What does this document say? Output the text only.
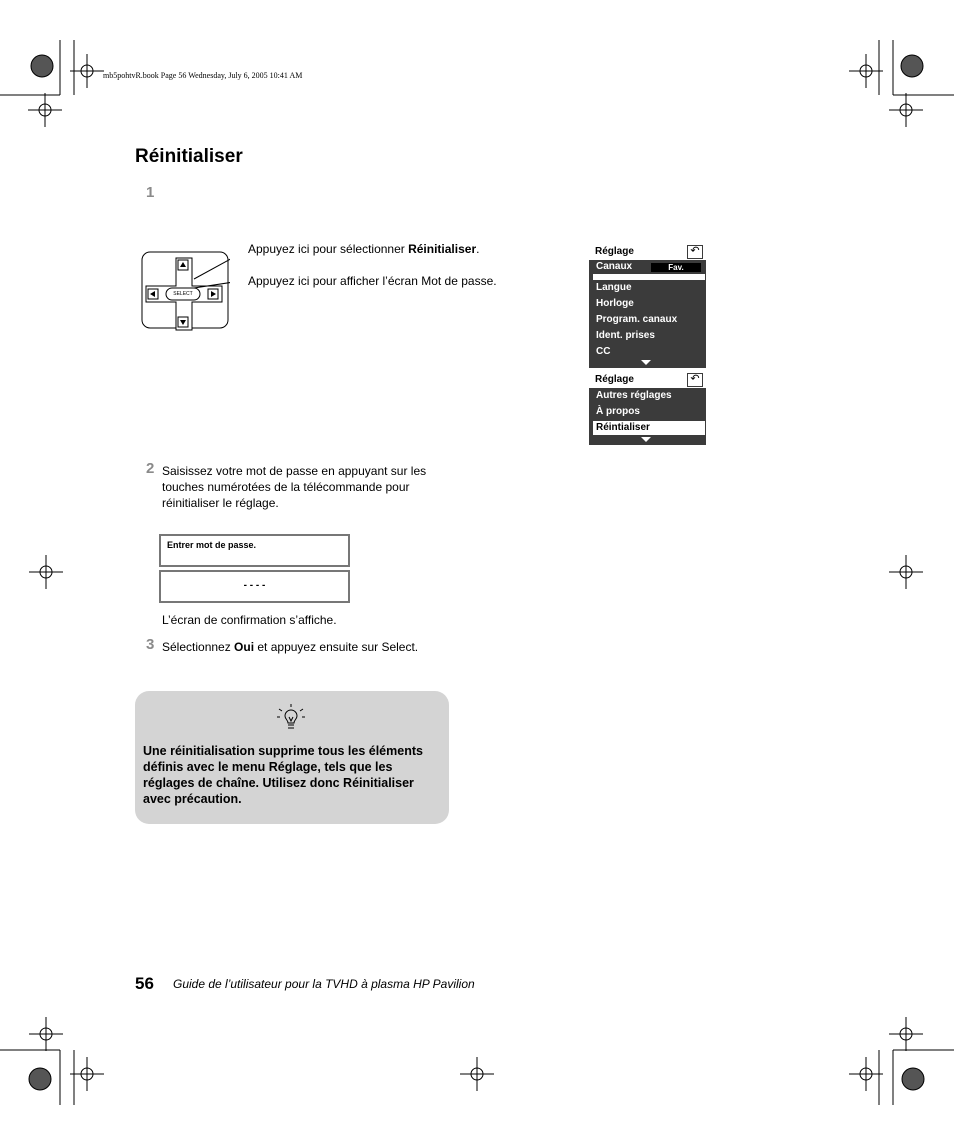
mb5pohtvR.book Page 56 Wednesday, July 6, 2005 10:41 AM
Réinitialiser
1
SELECT
Appuyez ici pour sélectionner Réinitialiser.
Appuyez ici pour afficher l’écran Mot de passe.
Réglage	↶
Canaux	Fav.
Langue
Horloge
Program. canaux
Ident. prises
CC
Réglage	↶
Autres réglages
À propos
Réintialiser
2 Saisissez votre mot de passe en appuyant sur les touches numérotées de la télécommande pour réinitialiser le réglage.
Entrer mot de passe.
- - - -
L’écran de confirmation s’affiche.
3 Sélectionnez Oui et appuyez ensuite sur Select.
Une réinitialisation supprime tous les éléments définis avec le menu Réglage, tels que les réglages de chaîne. Utilisez donc Réinitialiser avec précaution.
56 Guide de l’utilisateur pour la TVHD à plasma HP Pavilion
